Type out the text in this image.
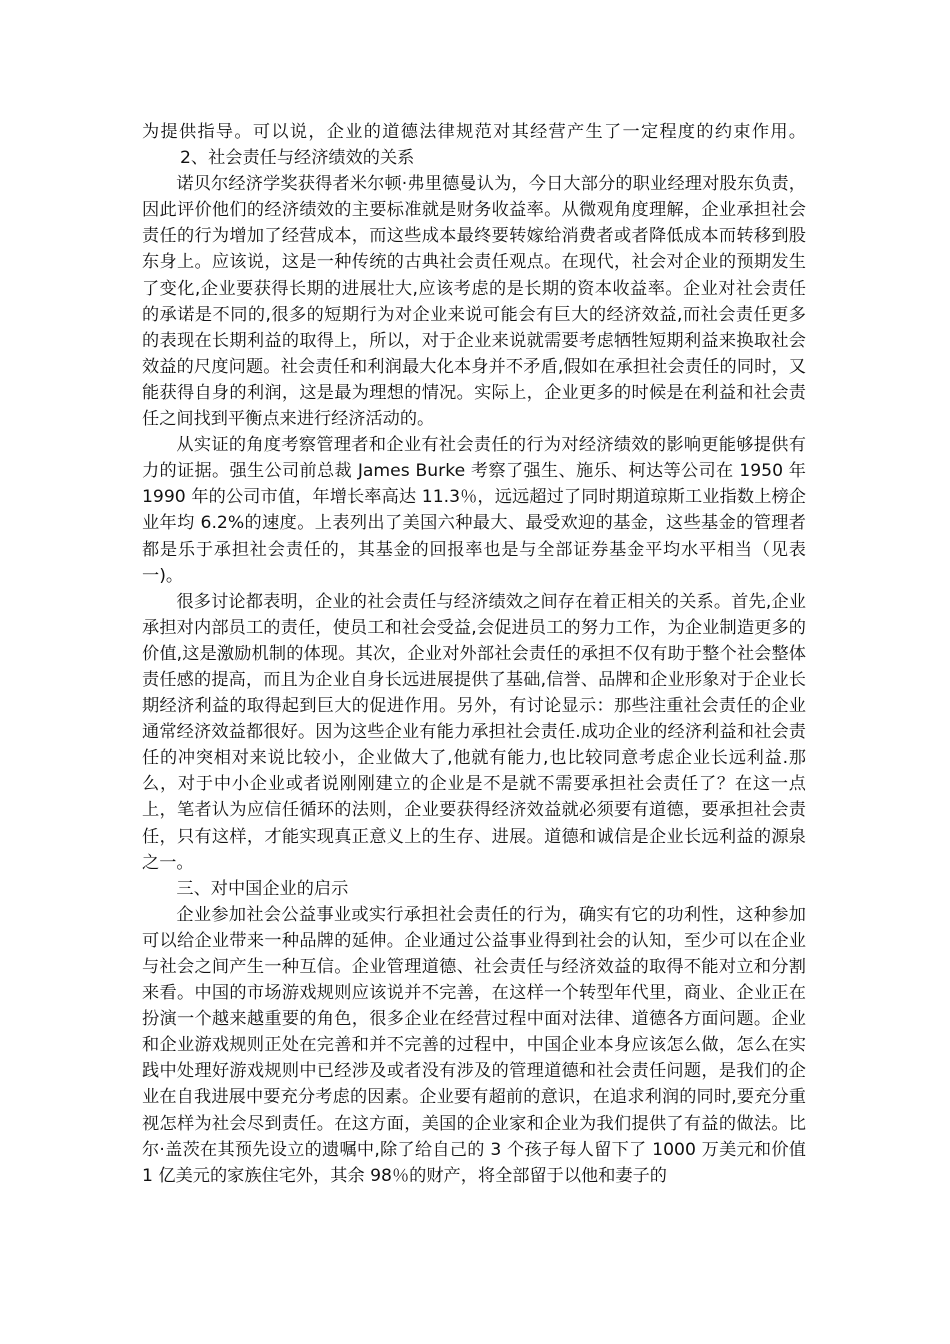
为提供指导。可以说，企业的道德法律规范对其经营产生了一定程度的约束作用。2、社会责任与经济绩效的关系

诺贝尔经济学奖获得者米尔顿·弗里德曼认为，今日大部分的职业经理对股东负责，因此评价他们的经济绩效的主要标准就是财务收益率。从微观角度理解，企业承担社会责任的行为增加了经营成本，而这些成本最终要转嫁给消费者或者降低成本而转移到股东身上。应该说，这是一种传统的古典社会责任观点。在现代，社会对企业的预期发生了变化,企业要获得长期的进展壮大,应该考虑的是长期的资本收益率。企业对社会责任的承诺是不同的,很多的短期行为对企业来说可能会有巨大的经济效益,而社会责任更多的表现在长期利益的取得上，所以，对于企业来说就需要考虑牺牲短期利益来换取社会效益的尺度问题。社会责任和利润最大化本身并不矛盾,假如在承担社会责任的同时，又能获得自身的利润，这是最为理想的情况。实际上，企业更多的时候是在利益和社会责任之间找到平衡点来进行经济活动的。

从实证的角度考察管理者和企业有社会责任的行为对经济绩效的影响更能够提供有力的证据。强生公司前总裁 James Burke 考察了强生、施乐、柯达等公司在 1950 年 1990 年的公司市值，年增长率高达 11.3％，远远超过了同时期道琼斯工业指数上榜企业年均 6.2%的速度。上表列出了美国六种最大、最受欢迎的基金，这些基金的管理者都是乐于承担社会责任的，其基金的回报率也是与全部证券基金平均水平相当（见表一)。

很多讨论都表明，企业的社会责任与经济绩效之间存在着正相关的关系。首先,企业承担对内部员工的责任，使员工和社会受益,会促进员工的努力工作，为企业制造更多的价值,这是激励机制的体现。其次，企业对外部社会责任的承担不仅有助于整个社会整体责任感的提高，而且为企业自身长远进展提供了基础,信誉、品牌和企业形象对于企业长期经济利益的取得起到巨大的促进作用。另外，有讨论显示：那些注重社会责任的企业通常经济效益都很好。因为这些企业有能力承担社会责任.成功企业的经济利益和社会责任的冲突相对来说比较小，企业做大了,他就有能力,也比较同意考虑企业长远利益.那么，对于中小企业或者说刚刚建立的企业是不是就不需要承担社会责任了？在这一点上，笔者认为应信任循环的法则，企业要获得经济效益就必须要有道德，要承担社会责任，只有这样，才能实现真正意义上的生存、进展。道德和诚信是企业长远利益的源泉之一。

三、对中国企业的启示

企业参加社会公益事业或实行承担社会责任的行为，确实有它的功利性，这种参加可以给企业带来一种品牌的延伸。企业通过公益事业得到社会的认知，至少可以在企业与社会之间产生一种互信。企业管理道德、社会责任与经济效益的取得不能对立和分割来看。中国的市场游戏规则应该说并不完善，在这样一个转型年代里，商业、企业正在扮演一个越来越重要的角色，很多企业在经营过程中面对法律、道德各方面问题。企业和企业游戏规则正处在完善和并不完善的过程中，中国企业本身应该怎么做，怎么在实践中处理好游戏规则中已经涉及或者没有涉及的管理道德和社会责任问题，是我们的企业在自我进展中要充分考虑的因素。企业要有超前的意识，在追求利润的同时,要充分重视怎样为社会尽到责任。在这方面，美国的企业家和企业为我们提供了有益的做法。比尔·盖茨在其预先设立的遗嘱中,除了给自己的 3 个孩子每人留下了 1000 万美元和价值 1 亿美元的家族住宅外，其余 98％的财产，将全部留于以他和妻子的
